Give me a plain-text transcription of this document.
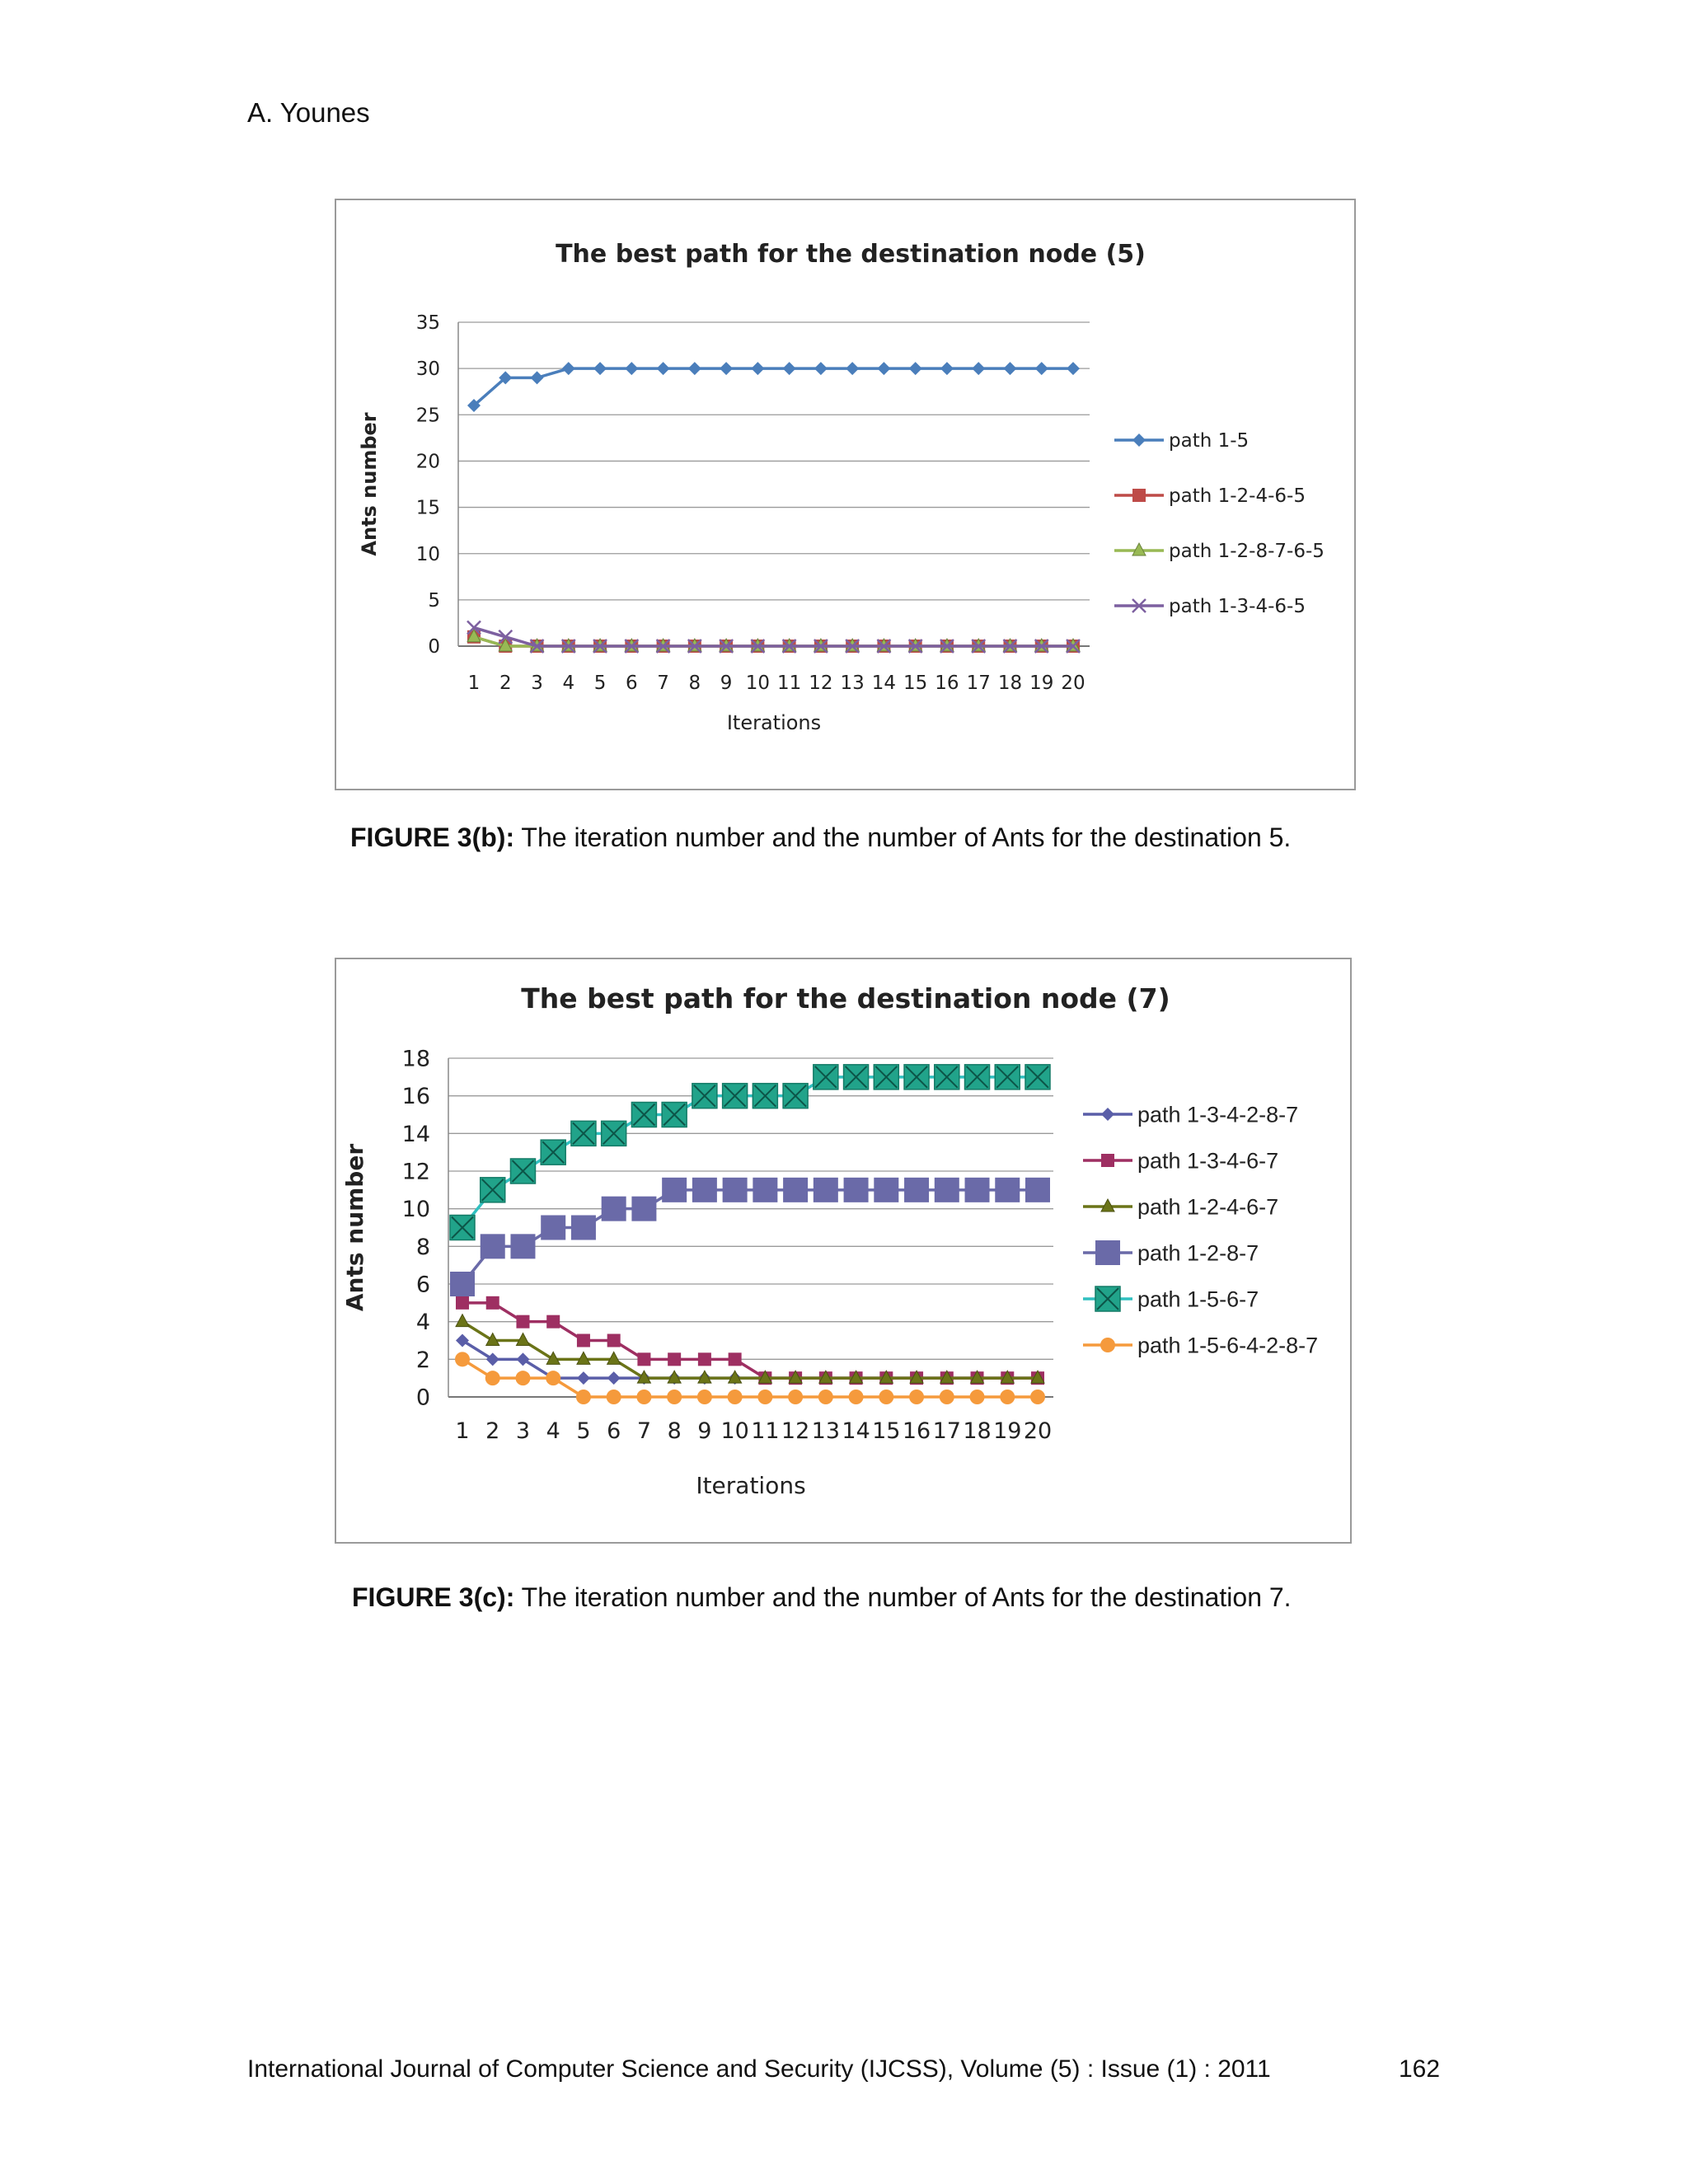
A. Younes
The best path for the destination node (5)
0
5
10
15
20
25
30
35
1 2 3 4 5 6 7 8 9 10 11 12 13 14 15 16 17 18 19 20
Iterations
Ants number	path 1-5
path 1-2-4-6-5
path 1-2-8-7-6-5
path 1-3-4-6-5
FIGURE 3(b): The iteration number and the number of Ants for the destination 5.
The best path for the destination node (7)
0
2
4
6
8
10
12
14
16
18
1 2 3 4 5 6 7 8 9 10 11 12 13 14 15 16 17 18 19 20
Iterations
Ants number
path 1-3-4-2-8-7
path 1-3-4-6-7
path 1-2-4-6-7
path 1-2-8-7
path 1-5-6-7
path 1-5-6-4-2-8-7
FIGURE 3(c): The iteration number and the number of Ants for the destination 7.
International Journal of Computer Science and Security (IJCSS), Volume (5) : Issue (1) : 2011	162
